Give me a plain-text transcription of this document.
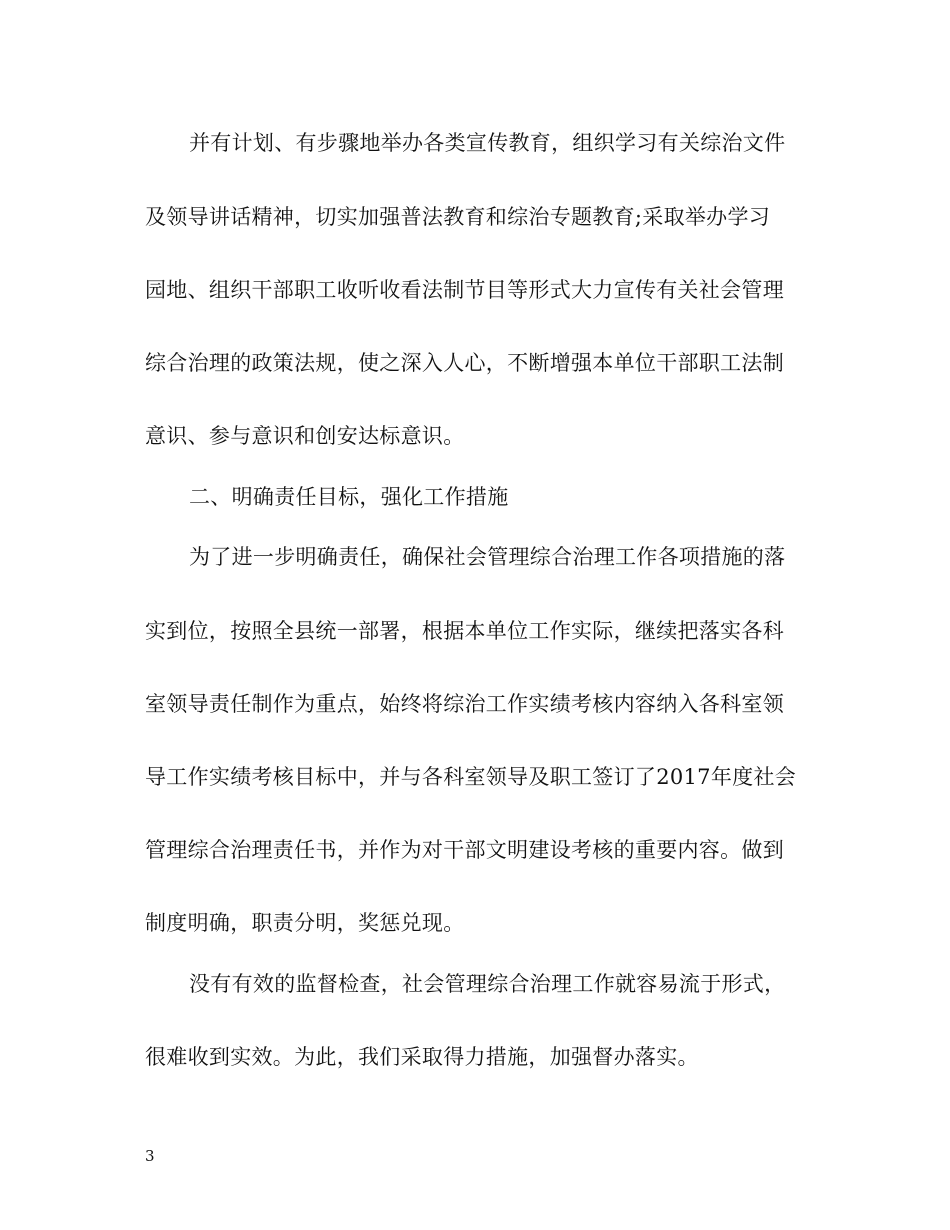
并有计划、有步骤地举办各类宣传教育，组织学习有关综治文件
及领导讲话精神，切实加强普法教育和综治专题教育;采取举办学习
园地、组织干部职工收听收看法制节目等形式大力宣传有关社会管理
综合治理的政策法规，使之深入人心，不断增强本单位干部职工法制
意识、参与意识和创安达标意识。
二、明确责任目标，强化工作措施
为了进一步明确责任，确保社会管理综合治理工作各项措施的落
实到位，按照全县统一部署，根据本单位工作实际，继续把落实各科
室领导责任制作为重点，始终将综治工作实绩考核内容纳入各科室领
导工作实绩考核目标中，并与各科室领导及职工签订了2017年度社会
管理综合治理责任书，并作为对干部文明建设考核的重要内容。做到
制度明确，职责分明，奖惩兑现。
没有有效的监督检查，社会管理综合治理工作就容易流于形式，
很难收到实效。为此，我们采取得力措施，加强督办落实。
3
